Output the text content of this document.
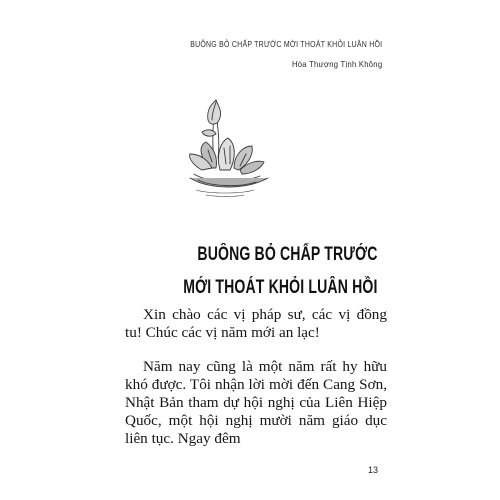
BUÔNG BỎ CHẤP TRƯỚC MỚI THOÁT KHỎI LUÂN HỒI
Hòa Thượng Tịnh Không
BUÔNG BỎ CHẤP TRƯỚC
MỚI THOÁT KHỎI LUÂN HỒI

Xin chào các vị pháp sư, các vị đồng tu! Chúc các vị năm mới an lạc!

Năm nay cũng là một năm rất hy hữu khó được. Tôi nhận lời mời đến Cang Sơn, Nhật Bản tham dự hội nghị của Liên Hiệp Quốc, một hội nghị mười năm giáo dục liên tục. Ngay đêm

13
